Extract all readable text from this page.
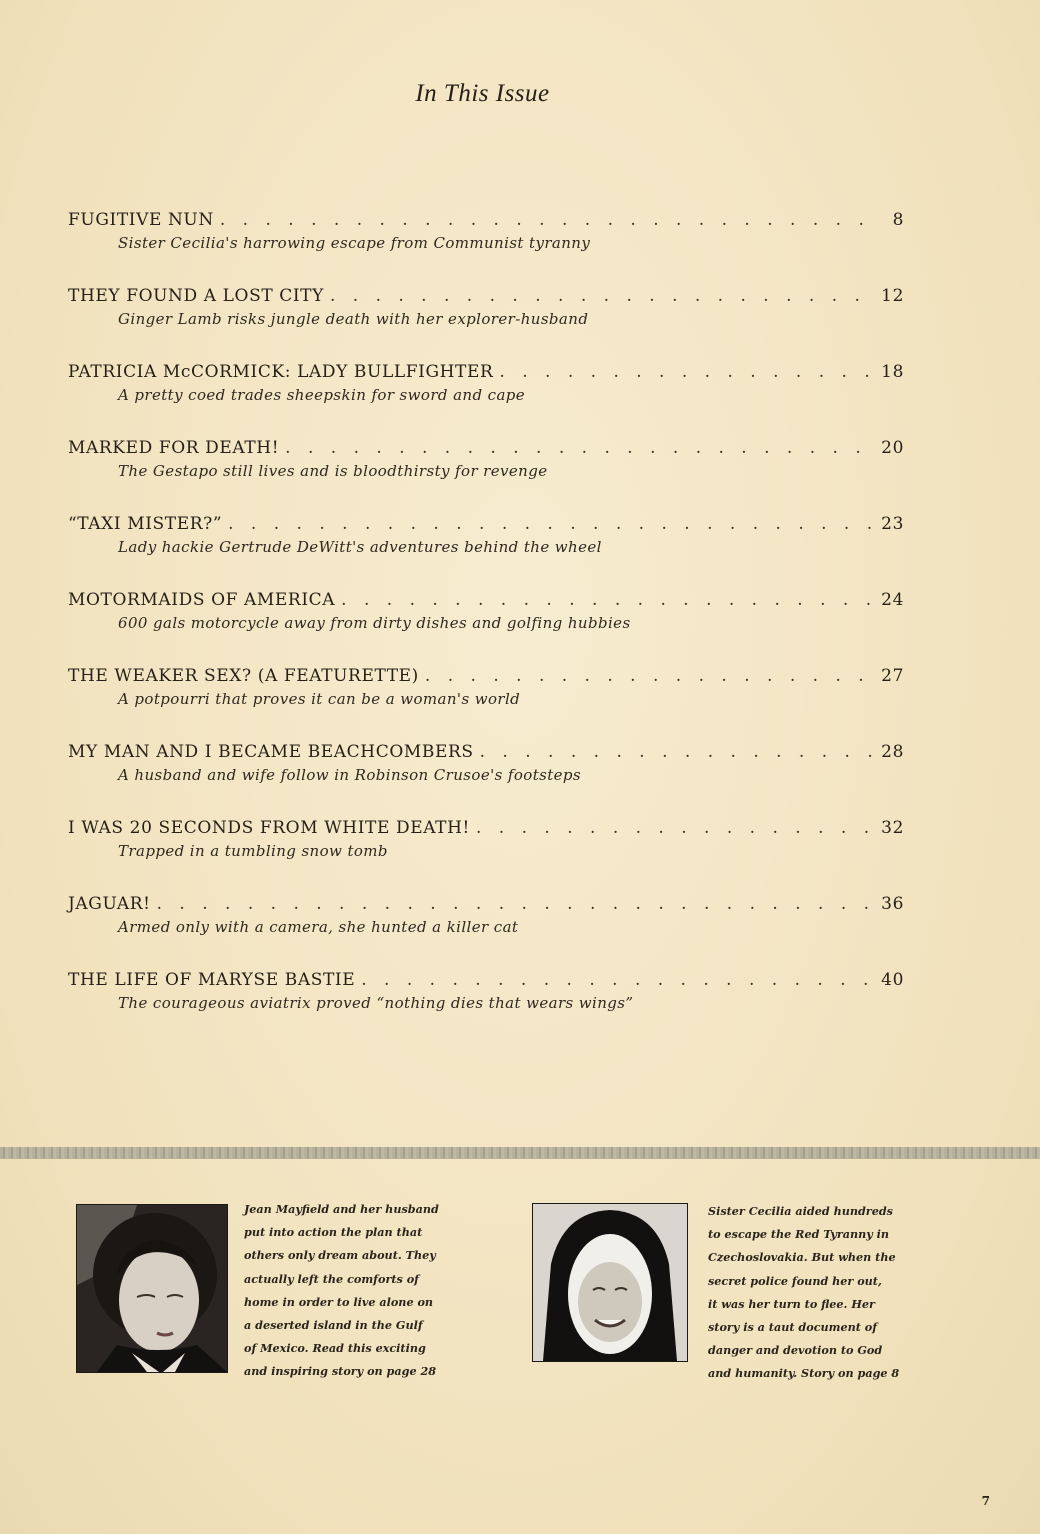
In This Issue
FUGITIVE NUN . . .	8
Sister Cecilia's harrowing escape from Communist tyranny
THEY FOUND A LOST CITY . . .	12
Ginger Lamb risks jungle death with her explorer-husband
PATRICIA McCORMICK: LADY BULLFIGHTER . . .	18
A pretty coed trades sheepskin for sword and cape
MARKED FOR DEATH! . . .	20
The Gestapo still lives and is bloodthirsty for revenge
“TAXI MISTER?” . . .	23
Lady hackie Gertrude DeWitt's adventures behind the wheel
MOTORMAIDS OF AMERICA . . .	24
600 gals motorcycle away from dirty dishes and golfing hubbies
THE WEAKER SEX? (A FEATURETTE) . . .	27
A potpourri that proves it can be a woman's world
MY MAN AND I BECAME BEACHCOMBERS . . .	28
A husband and wife follow in Robinson Crusoe's footsteps
I WAS 20 SECONDS FROM WHITE DEATH! . . .	32
Trapped in a tumbling snow tomb
JAGUAR! . . .	36
Armed only with a camera, she hunted a killer cat
THE LIFE OF MARYSE BASTIE . . .	40
The courageous aviatrix proved “nothing dies that wears wings”
Jean Mayfield and her husband
put into action the plan that
others only dream about. They
actually left the comforts of
home in order to live alone on
a deserted island in the Gulf
of Mexico. Read this exciting
and inspiring story on page 28
Sister Cecilia aided hundreds
to escape the Red Tyranny in
Czechoslovakia. But when the
secret police found her out,
it was her turn to flee. Her
story is a taut document of
danger and devotion to God
and humanity. Story on page 8
7
